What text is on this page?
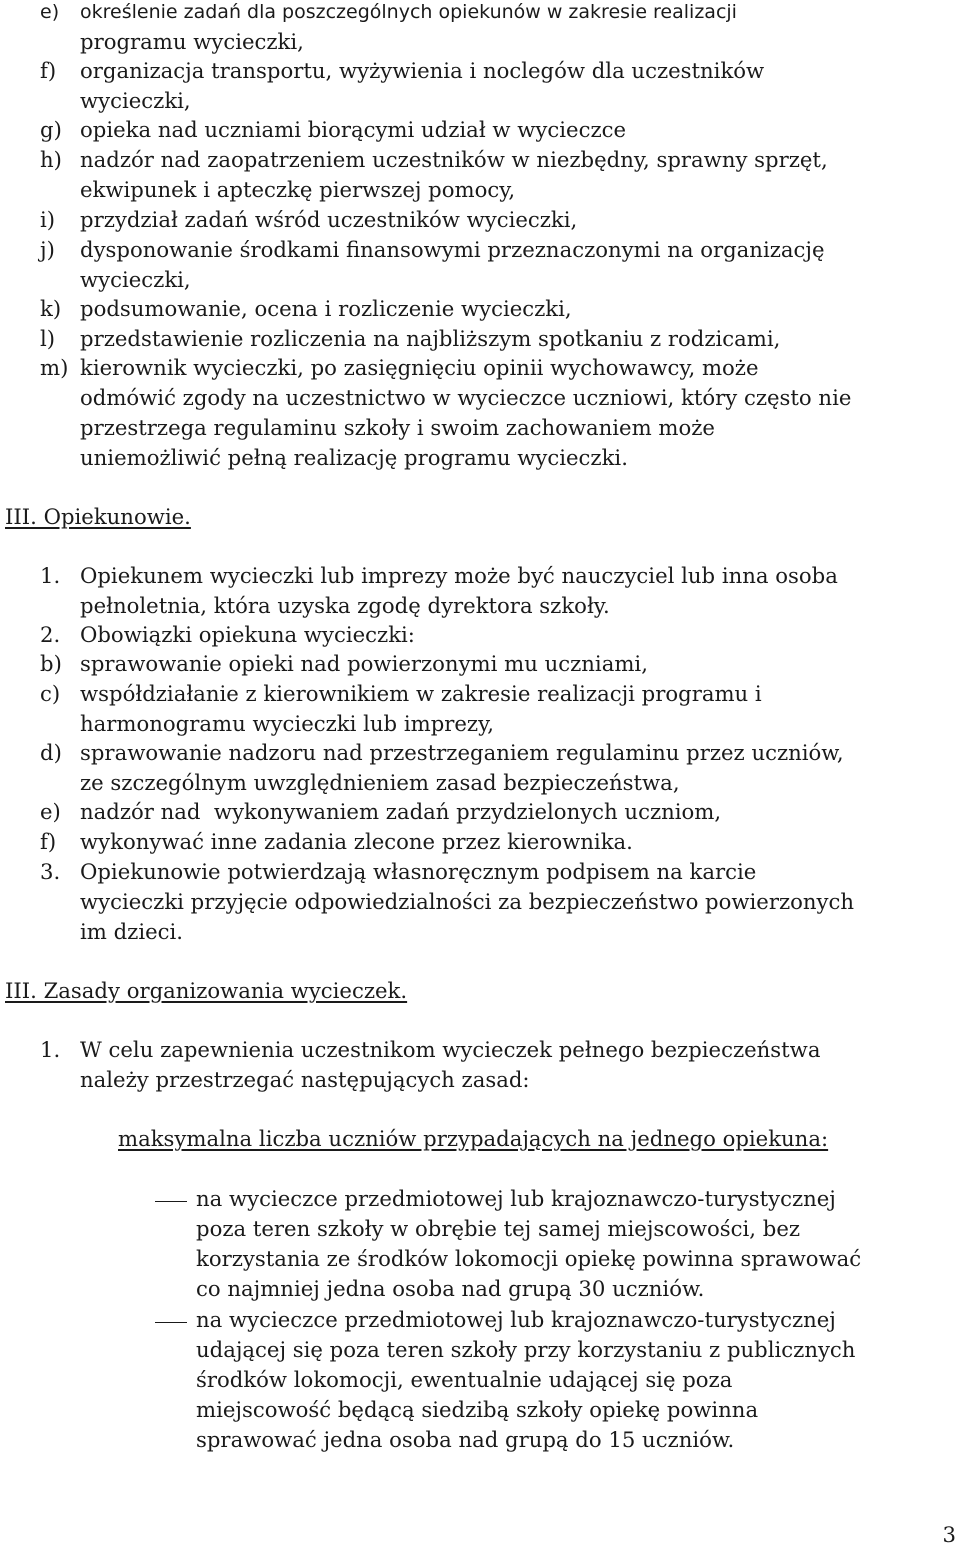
e) określenie zadań dla poszczególnych opiekunów w zakresie realizacji
programu wycieczki,
f) organizacja transportu, wyżywienia i noclegów dla uczestników
wycieczki,
g) opieka nad uczniami biorącymi udział w wycieczce
h) nadzór nad zaopatrzeniem uczestników w niezbędny, sprawny sprzęt,
ekwipunek i apteczkę pierwszej pomocy,
i) przydział zadań wśród uczestników wycieczki,
j) dysponowanie środkami finansowymi przeznaczonymi na organizację
wycieczki,
k) podsumowanie, ocena i rozliczenie wycieczki,
l) przedstawienie rozliczenia na najbliższym spotkaniu z rodzicami,
m) kierownik wycieczki, po zasięgnięciu opinii wychowawcy, może
odmówić zgody na uczestnictwo w wycieczce uczniowi, który często nie
przestrzega regulaminu szkoły i swoim zachowaniem może
uniemożliwić pełną realizację programu wycieczki.
III. Opiekunowie.
1. Opiekunem wycieczki lub imprezy może być nauczyciel lub inna osoba
pełnoletnia, która uzyska zgodę dyrektora szkoły.
2. Obowiązki opiekuna wycieczki:
b) sprawowanie opieki nad powierzonymi mu uczniami,
c) współdziałanie z kierownikiem w zakresie realizacji programu i
harmonogramu wycieczki lub imprezy,
d) sprawowanie nadzoru nad przestrzeganiem regulaminu przez uczniów,
ze szczególnym uwzględnieniem zasad bezpieczeństwa,
e) nadzór nad  wykonywaniem zadań przydzielonych uczniom,
f) wykonywać inne zadania zlecone przez kierownika.
3. Opiekunowie potwierdzają własnoręcznym podpisem na karcie
wycieczki przyjęcie odpowiedzialności za bezpieczeństwo powierzonych
im dzieci.
III. Zasady organizowania wycieczek.
1. W celu zapewnienia uczestnikom wycieczek pełnego bezpieczeństwa
należy przestrzegać następujących zasad:
maksymalna liczba uczniów przypadających na jednego opiekuna:
na wycieczce przedmiotowej lub krajoznawczo-turystycznej
poza teren szkoły w obrębie tej samej miejscowości, bez
korzystania ze środków lokomocji opiekę powinna sprawować
co najmniej jedna osoba nad grupą 30 uczniów.
na wycieczce przedmiotowej lub krajoznawczo-turystycznej
udającej się poza teren szkoły przy korzystaniu z publicznych
środków lokomocji, ewentualnie udającej się poza
miejscowość będącą siedzibą szkoły opiekę powinna
sprawować jedna osoba nad grupą do 15 uczniów.
3
